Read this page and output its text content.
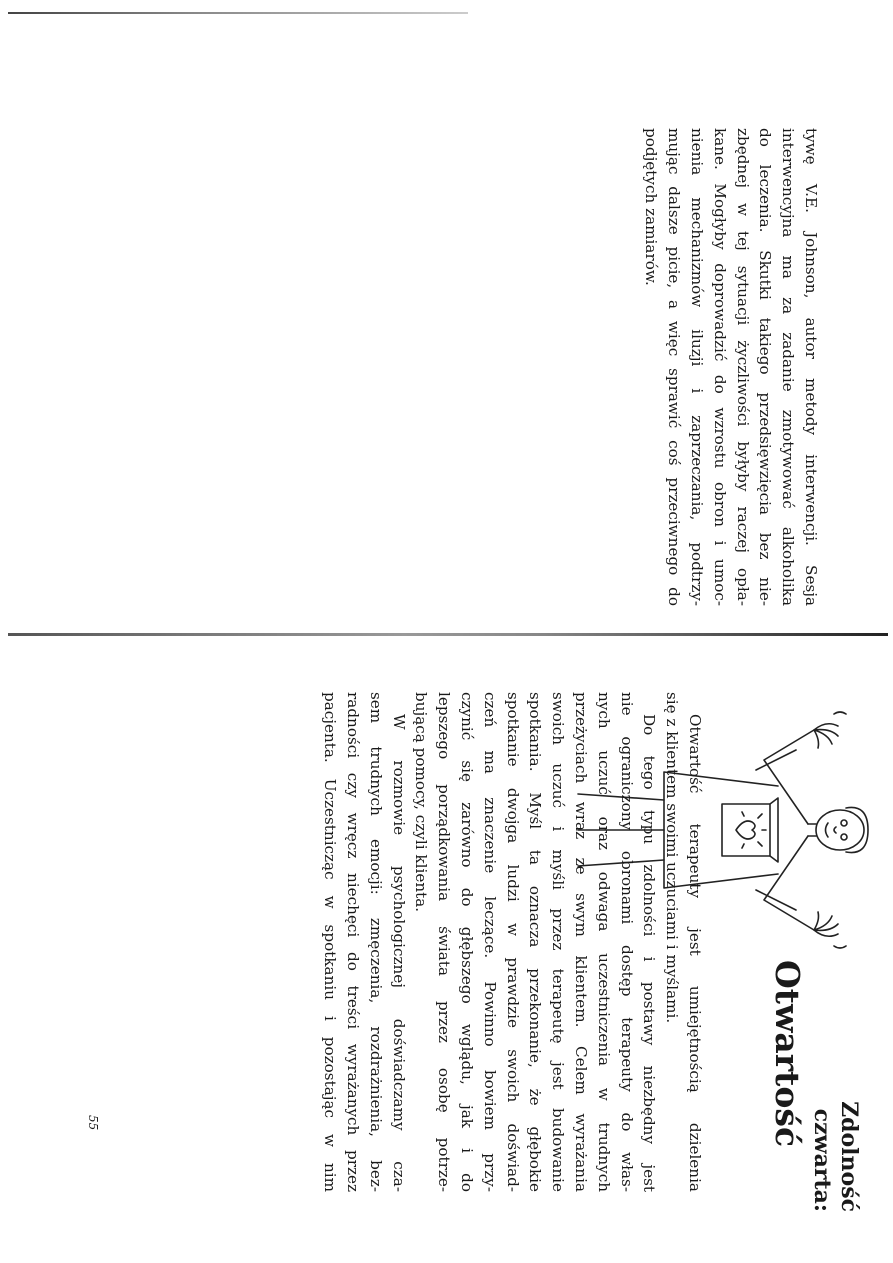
tywę V.E. Johnson, autor metody interwencji. Sesja
interwencyjna ma za zadanie zmotywować alkoholika
do leczenia. Skutki takiego przedsięwzięcia bez nie-
zbędnej w tej sytuacji życzliwości byłyby raczej opła-
kane. Mogłyby doprowadzić do wzrostu obron i umoc-
nienia mechanizmów iluzji i zaprzeczania, podtrzy-
mując dalsze picie, a więc sprawić coś przeciwnego do
podjętych zamiarów.

Zdolność
czwarta:
Otwartość

Otwartość terapeuty jest umiejętnością dzielenia
się z klientem swoimi uczuciami i myślami.

Do tego typu zdolności i postawy niezbędny jest
nie ograniczony obronami dostęp terapeuty do włas-
nych uczuć oraz odwaga uczestniczenia w trudnych
przeżyciach wraz ze swym klientem. Celem wyrażania
swoich uczuć i myśli przez terapeutę jest budowanie
spotkania. Myśl ta oznacza przekonanie, że głębokie
spotkanie dwojga ludzi w prawdzie swoich doświad-
czeń ma znaczenie leczące. Powinno bowiem przy-
czynić się zarówno do głębszego wglądu, jak i do
lepszego porządkowania świata przez osobę potrze-
bującą pomocy, czyli klienta.

W rozmowie psychologicznej doświadczamy cza-
sem trudnych emocji: zmęczenia, rozdrażnienia, bez-
radności czy wręcz niechęci do treści wyrażanych przez
pacjenta. Uczestnicząc w spotkaniu i pozostając w nim

55
